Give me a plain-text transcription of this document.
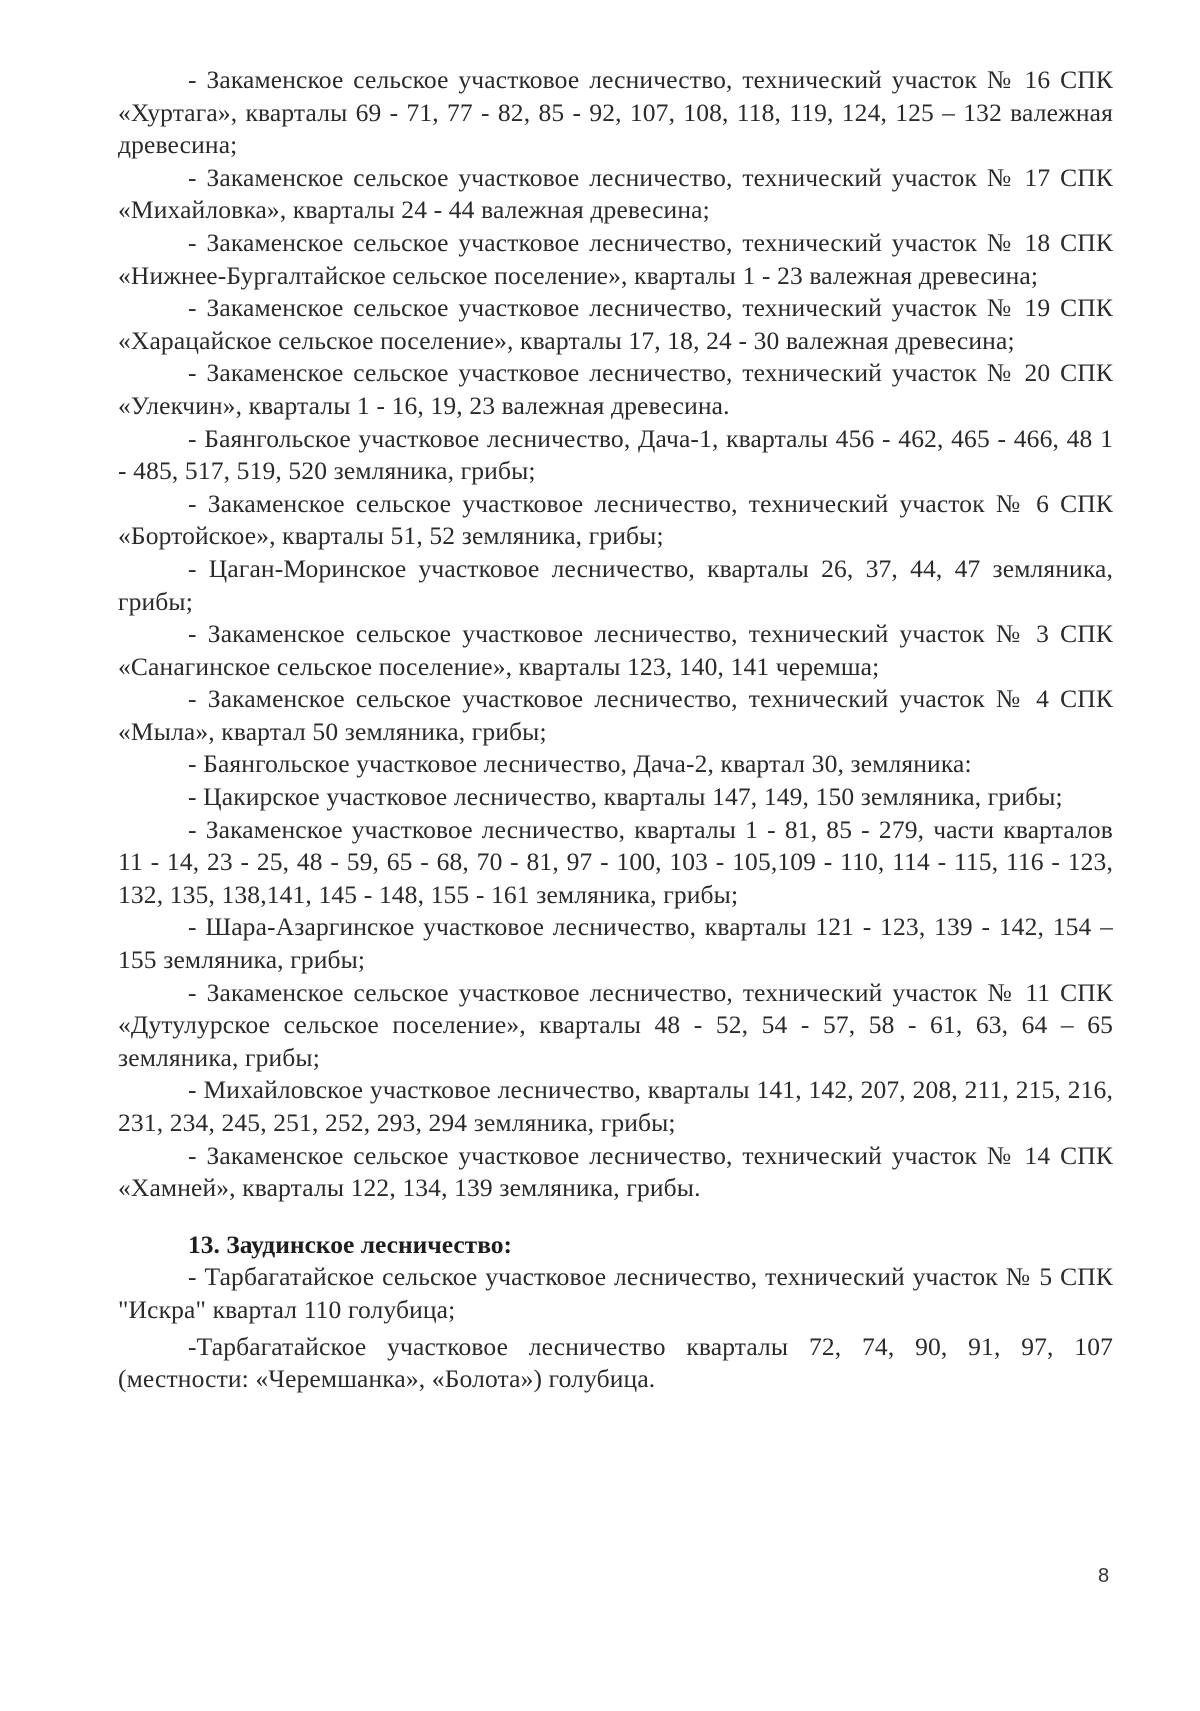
- Закаменское сельское участковое лесничество, технический участок № 16 СПК «Хуртага», кварталы 69 - 71, 77 - 82, 85 - 92, 107, 108, 118, 119, 124, 125 – 132 валежная древесина;

- Закаменское сельское участковое лесничество, технический участок № 17 СПК «Михайловка», кварталы 24 - 44 валежная древесина;

- Закаменское сельское участковое лесничество, технический участок № 18 СПК «Нижнее-Бургалтайское сельское поселение», кварталы 1 - 23 валежная древесина;

- Закаменское сельское участковое лесничество, технический участок № 19 СПК «Харацайское сельское поселение», кварталы 17, 18, 24 - 30 валежная древесина;

- Закаменское сельское участковое лесничество, технический участок № 20 СПК «Улекчин», кварталы 1 - 16, 19, 23 валежная древесина.

- Баянгольское участковое лесничество, Дача-1, кварталы 456 - 462, 465 - 466, 48 1 - 485, 517, 519, 520 земляника, грибы;

- Закаменское сельское участковое лесничество, технический участок № 6 СПК «Бортойское», кварталы 51, 52 земляника, грибы;

- Цаган-Моринское участковое лесничество, кварталы 26, 37, 44, 47 земляника, грибы;

- Закаменское сельское участковое лесничество, технический участок № 3 СПК «Санагинское сельское поселение», кварталы 123, 140, 141 черемша;

- Закаменское сельское участковое лесничество, технический участок № 4 СПК «Мыла», квартал 50 земляника, грибы;

- Баянгольское участковое лесничество, Дача-2, квартал 30, земляника:

- Цакирское участковое лесничество, кварталы 147, 149, 150 земляника, грибы;

- Закаменское участковое лесничество, кварталы 1 - 81, 85 - 279, части кварталов 11 - 14, 23 - 25, 48 - 59, 65 - 68, 70 - 81, 97 - 100, 103 - 105,109 - 110, 114 - 115, 116 - 123, 132, 135, 138,141, 145 - 148, 155 - 161 земляника, грибы;

- Шара-Азаргинское участковое лесничество, кварталы 121 - 123, 139 - 142, 154 – 155 земляника, грибы;

- Закаменское сельское участковое лесничество, технический участок № 11 СПК «Дутулурское сельское поселение», кварталы 48 - 52, 54 - 57, 58 - 61, 63, 64 – 65 земляника, грибы;

- Михайловское участковое лесничество, кварталы 141, 142, 207, 208, 211, 215, 216, 231, 234, 245, 251, 252, 293, 294 земляника, грибы;

- Закаменское сельское участковое лесничество, технический участок № 14 СПК «Хамней», кварталы 122, 134, 139 земляника, грибы.

13. Заудинское лесничество:

- Тарбагатайское сельское участковое лесничество, технический участок № 5 СПК "Искра" квартал 110 голубица;

-Тарбагатайское участковое лесничество кварталы 72, 74, 90, 91, 97, 107 (местности: «Черемшанка», «Болота») голубица.

8
